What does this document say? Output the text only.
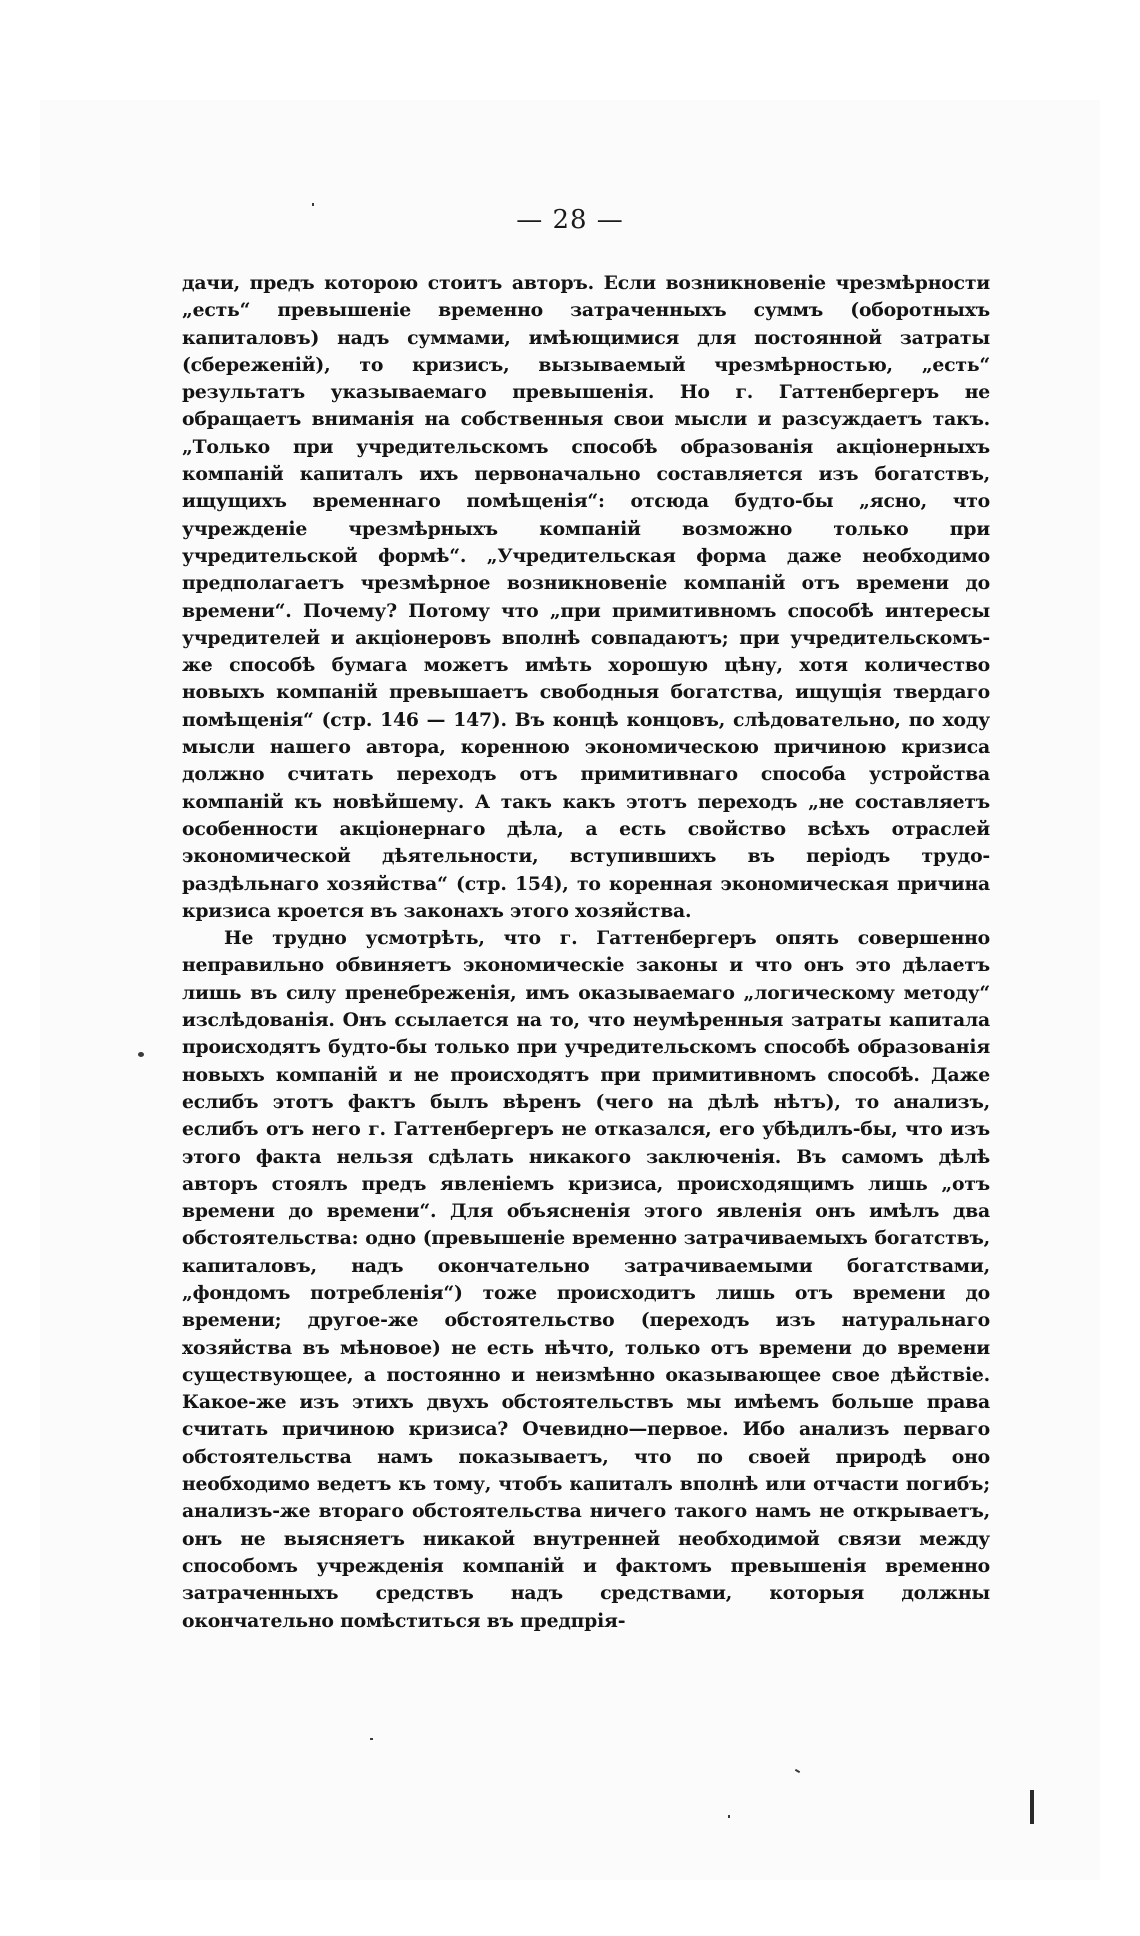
— 28 —

дачи, предъ которою стоитъ авторъ. Если возникновеніе чрезмѣрности „есть“ превышеніе временно затраченныхъ суммъ (оборотныхъ капиталовъ) надъ суммами, имѣющимися для постоянной затраты (сбереженій), то кризисъ, вызываемый чрезмѣрностью, „есть“ результатъ указываемаго превышенія. Но г. Гаттенбергеръ не обращаетъ вниманія на собственныя свои мысли и разсуждаетъ такъ. „Только при учредительскомъ способѣ образованія акціонерныхъ компаній капиталъ ихъ первоначально составляется изъ богатствъ, ищущихъ временнаго помѣщенія“: отсюда будто-бы „ясно, что учрежденіе чрезмѣрныхъ компаній возможно только при учредительской формѣ“. „Учредительская форма даже необходимо предполагаетъ чрезмѣрное возникновеніе компаній отъ времени до времени“. Почему? Потому что „при примитивномъ способѣ интересы учредителей и акціонеровъ вполнѣ совпадаютъ; при учредительскомъ-же способѣ бумага можетъ имѣть хорошую цѣну, хотя количество новыхъ компаній превышаетъ свободныя богатства, ищущія твердаго помѣщенія“ (стр. 146 — 147). Въ концѣ концовъ, слѣдовательно, по ходу мысли нашего автора, коренною экономическою причиною кризиса должно считать переходъ отъ примитивнаго способа устройства компаній къ новѣйшему. А такъ какъ этотъ переходъ „не составляетъ особенности акціонернаго дѣла, а есть свойство всѣхъ отраслей экономической дѣятельности, вступившихъ въ періодъ трудо-раздѣльнаго хозяйства“ (стр. 154), то коренная экономическая причина кризиса кроется въ законахъ этого хозяйства.

Не трудно усмотрѣть, что г. Гаттенбергеръ опять совершенно неправильно обвиняетъ экономическіе законы и что онъ это дѣлаетъ лишь въ силу пренебреженія, имъ оказываемаго „логическому методу“ изслѣдованія. Онъ ссылается на то, что неумѣренныя затраты капитала происходятъ будто-бы только при учредительскомъ способѣ образованія новыхъ компаній и не происходятъ при примитивномъ способѣ. Даже еслибъ этотъ фактъ былъ вѣренъ (чего на дѣлѣ нѣтъ), то анализъ, еслибъ отъ него г. Гаттенбергеръ не отказался, его убѣдилъ-бы, что изъ этого факта нельзя сдѣлать никакого заключенія. Въ самомъ дѣлѣ авторъ стоялъ предъ явленіемъ кризиса, происходящимъ лишь „отъ времени до времени“. Для объясненія этого явленія онъ имѣлъ два обстоятельства: одно (превышеніе временно затрачиваемыхъ богатствъ, капиталовъ, надъ окончательно затрачиваемыми богатствами, „фондомъ потребленія“) тоже происходитъ лишь отъ времени до времени; другое-же обстоятельство (переходъ изъ натуральнаго хозяйства въ мѣновое) не есть нѣчто, только отъ времени до времени существующее, а постоянно и неизмѣнно оказывающее свое дѣйствіе. Какое-же изъ этихъ двухъ обстоятельствъ мы имѣемъ больше права считать причиною кризиса? Очевидно—первое. Ибо анализъ перваго обстоятельства намъ показываетъ, что по своей природѣ оно необходимо ведетъ къ тому, чтобъ капиталъ вполнѣ или отчасти погибъ; анализъ-же втораго обстоятельства ничего такого намъ не открываетъ, онъ не выясняетъ никакой внутренней необходимой связи между способомъ учрежденія компаній и фактомъ превышенія временно затраченныхъ средствъ надъ средствами, которыя должны окончательно помѣститься въ предпрія-
